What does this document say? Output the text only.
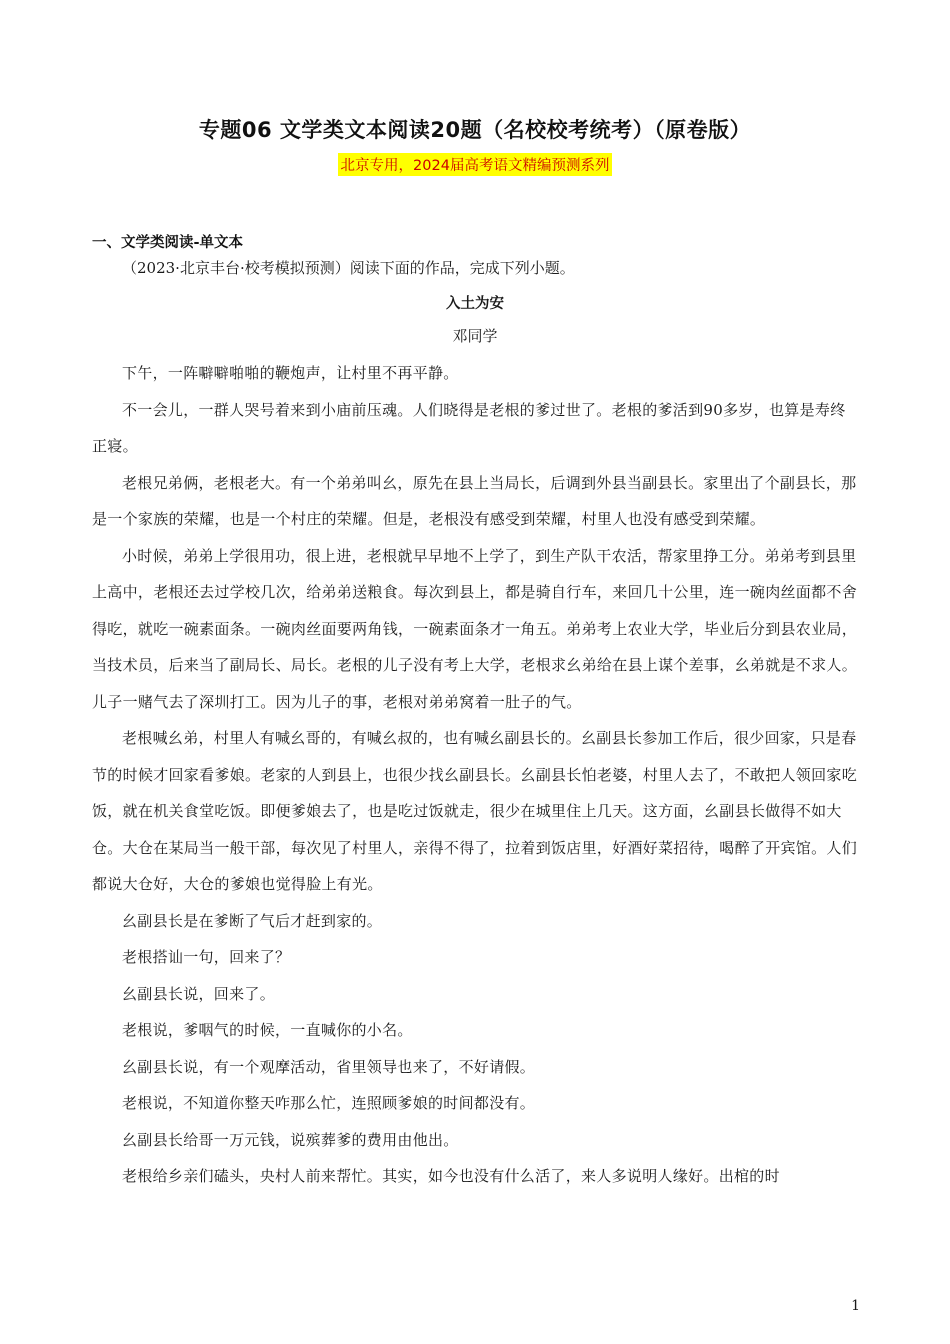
专题06 文学类文本阅读20题（名校校考统考）（原卷版）
北京专用，2024届高考语文精编预测系列
一、文学类阅读-单文本
（2023·北京丰台·校考模拟预测）阅读下面的作品，完成下列小题。
入土为安
邓同学

下午，一阵噼噼啪啪的鞭炮声，让村里不再平静。

不一会儿，一群人哭号着来到小庙前压魂。人们晓得是老根的爹过世了。老根的爹活到90多岁，也算是寿终正寝。

老根兄弟俩，老根老大。有一个弟弟叫幺，原先在县上当局长，后调到外县当副县长。家里出了个副县长，那是一个家族的荣耀，也是一个村庄的荣耀。但是，老根没有感受到荣耀，村里人也没有感受到荣耀。

小时候，弟弟上学很用功，很上进，老根就早早地不上学了，到生产队干农活，帮家里挣工分。弟弟考到县里上高中，老根还去过学校几次，给弟弟送粮食。每次到县上，都是骑自行车，来回几十公里，连一碗肉丝面都不舍得吃，就吃一碗素面条。一碗肉丝面要两角钱，一碗素面条才一角五。弟弟考上农业大学，毕业后分到县农业局，当技术员，后来当了副局长、局长。老根的儿子没有考上大学，老根求幺弟给在县上谋个差事，幺弟就是不求人。儿子一赌气去了深圳打工。因为儿子的事，老根对弟弟窝着一肚子的气。

老根喊幺弟，村里人有喊幺哥的，有喊幺叔的，也有喊幺副县长的。幺副县长参加工作后，很少回家，只是春节的时候才回家看爹娘。老家的人到县上，也很少找幺副县长。幺副县长怕老婆，村里人去了，不敢把人领回家吃饭，就在机关食堂吃饭。即便爹娘去了，也是吃过饭就走，很少在城里住上几天。这方面，幺副县长做得不如大仓。大仓在某局当一般干部，每次见了村里人，亲得不得了，拉着到饭店里，好酒好菜招待，喝醉了开宾馆。人们都说大仓好，大仓的爹娘也觉得脸上有光。

幺副县长是在爹断了气后才赶到家的。

老根搭讪一句，回来了？

幺副县长说，回来了。

老根说，爹咽气的时候，一直喊你的小名。

幺副县长说，有一个观摩活动，省里领导也来了，不好请假。

老根说，不知道你整天咋那么忙，连照顾爹娘的时间都没有。

幺副县长给哥一万元钱，说殡葬爹的费用由他出。

老根给乡亲们磕头，央村人前来帮忙。其实，如今也没有什么活了，来人多说明人缘好。出棺的时

1
